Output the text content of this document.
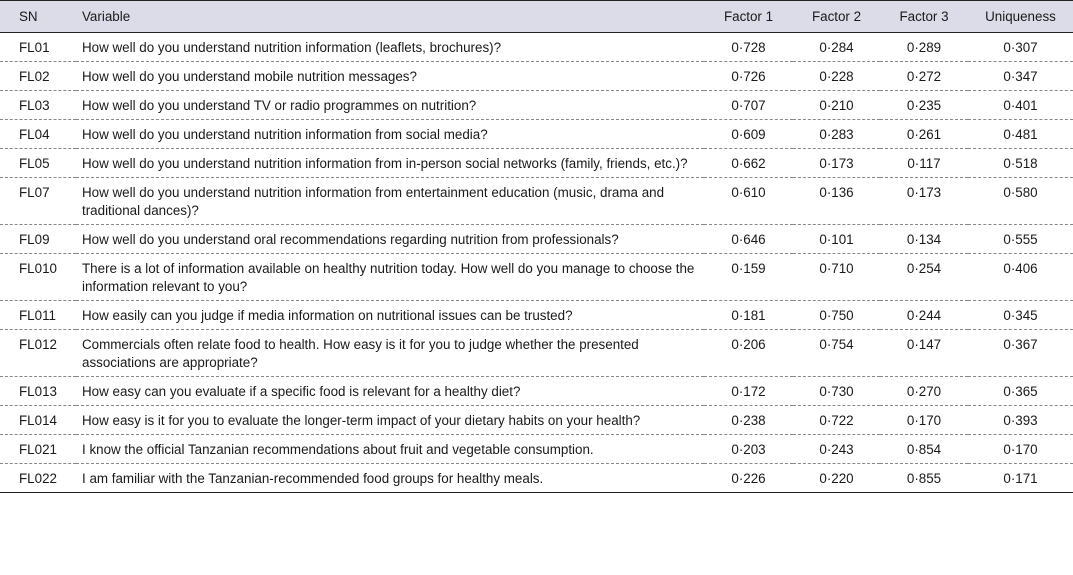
SN	Variable	Factor 1	Factor 2	Factor 3	Uniqueness
FL01	How well do you understand nutrition information (leaflets, brochures)?	0·728	0·284	0·289	0·307
FL02	How well do you understand mobile nutrition messages?	0·726	0·228	0·272	0·347
FL03	How well do you understand TV or radio programmes on nutrition?	0·707	0·210	0·235	0·401
FL04	How well do you understand nutrition information from social media?	0·609	0·283	0·261	0·481
FL05	How well do you understand nutrition information from in-person social networks (family, friends, etc.)?	0·662	0·173	0·117	0·518
FL07	How well do you understand nutrition information from entertainment education (music, drama and traditional dances)?	0·610	0·136	0·173	0·580
FL09	How well do you understand oral recommendations regarding nutrition from professionals?	0·646	0·101	0·134	0·555
FL010	There is a lot of information available on healthy nutrition today. How well do you manage to choose the information relevant to you?	0·159	0·710	0·254	0·406
FL011	How easily can you judge if media information on nutritional issues can be trusted?	0·181	0·750	0·244	0·345
FL012	Commercials often relate food to health. How easy is it for you to judge whether the presented associations are appropriate?	0·206	0·754	0·147	0·367
FL013	How easy can you evaluate if a specific food is relevant for a healthy diet?	0·172	0·730	0·270	0·365
FL014	How easy is it for you to evaluate the longer-term impact of your dietary habits on your health?	0·238	0·722	0·170	0·393
FL021	I know the official Tanzanian recommendations about fruit and vegetable consumption.	0·203	0·243	0·854	0·170
FL022	I am familiar with the Tanzanian-recommended food groups for healthy meals.	0·226	0·220	0·855	0·171
